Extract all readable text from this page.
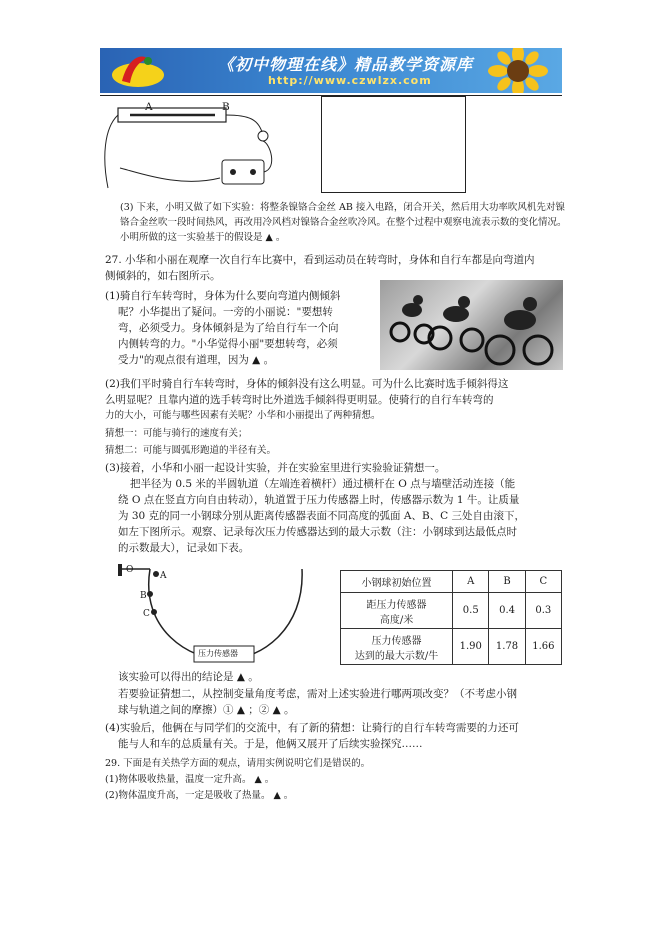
《初中物理在线》精品教学资源库
http://www.czwlzx.com
A	B
(3) 下来，小明又做了如下实验：将整条镍铬合金丝 AB 接入电路，闭合开关，然后用大功率吹风机先对镍铬合金丝吹一段时间热风，再改用冷风档对镍铬合金丝吹冷风。在整个过程中观察电流表示数的变化情况。小明所做的这一实验基于的假设是 ▲ 。
27. 小华和小丽在观摩一次自行车比赛中，看到运动员在转弯时，身体和自行车都是向弯道内
侧倾斜的，如右图所示。
(1)骑自行车转弯时，身体为什么要向弯道内侧倾斜
呢？小华提出了疑问。一旁的小丽说："要想转
弯，必须受力。身体倾斜是为了给自行车一个向
内侧转弯的力。"小华觉得小丽"要想转弯，必须
受力"的观点很有道理，因为 ▲ 。
(2)我们平时骑自行车转弯时，身体的倾斜没有这么明显。可为什么比赛时选手倾斜得这
么明显呢？且靠内道的选手转弯时比外道选手倾斜得更明显。使骑行的自行车转弯的
力的大小，可能与哪些因素有关呢？小华和小丽提出了两种猜想。
猜想一：可能与骑行的速度有关；
猜想二：可能与圆弧形跑道的半径有关。
(3)接着，小华和小丽一起设计实验，并在实验室里进行实验验证猜想一。
把半径为 0.5 米的半圆轨道（左端连着横杆）通过横杆在 O 点与墙壁活动连接（能
绕 O 点在竖直方向自由转动），轨道置于压力传感器上时，传感器示数为 1 牛。让质量
为 30 克的同一小钢球分别从距离传感器表面不同高度的弧面 A、B、C 三处自由滚下，
如左下图所示。观察、记录每次压力传感器达到的最大示数（注：小钢球到达最低点时
的示数最大），记录如下表。
O
A
B
C
压力传感器
小钢球初始位置	A	B	C
距压力传感器
高度/米	0.5	0.4	0.3
压力传感器
达到的最大示数/牛	1.90	1.78	1.66
该实验可以得出的结论是 ▲ 。
若要验证猜想二，从控制变量角度考虑，需对上述实验进行哪两项改变？（不考虑小钢
球与轨道之间的摩擦）① ▲ ；② ▲ 。
(4)实验后，他俩在与同学们的交流中，有了新的猜想：让骑行的自行车转弯需要的力还可
能与人和车的总质量有关。于是，他俩又展开了后续实验探究……
29. 下面是有关热学方面的观点，请用实例说明它们是错误的。
(1)物体吸收热量，温度一定升高。 ▲ 。
(2)物体温度升高，一定是吸收了热量。 ▲ 。
